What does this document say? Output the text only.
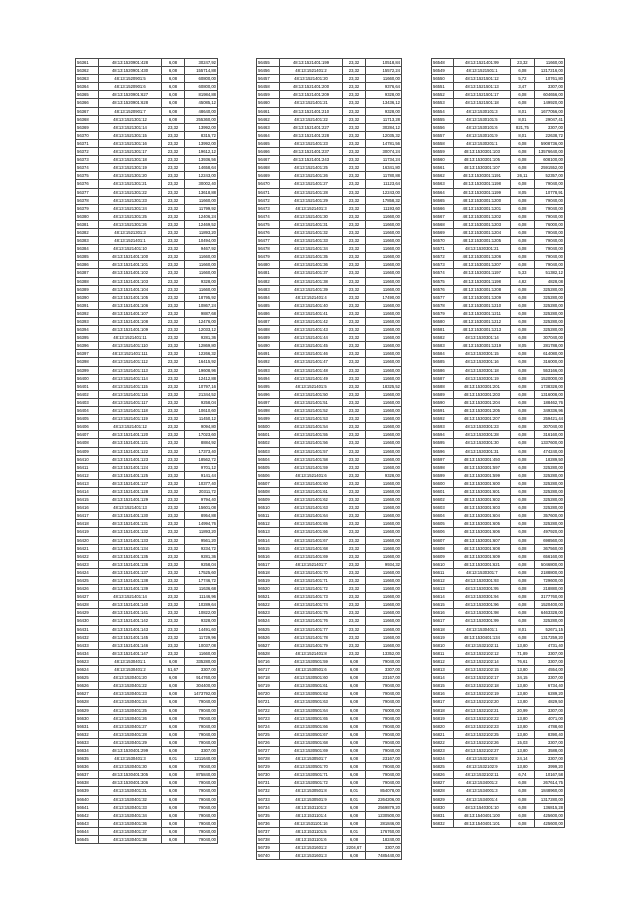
56361	48:13:1520901:428	6,08	30247,92
56362	48:13:1520901:430	6,08	155714,88
56363	48:13:1520901:5	6,08	60800,00
56364	48:13:1520901:6	6,08	60800,00
56365	48:13:1520901:627	6,08	81984,88
56366	48:13:1520901:628	6,08	45085,12
56367	48:13:1520901:7	6,08	48640,00
56368	48:13:1521301:12	6,08	255360,00
56369	48:13:1521301:14	23,32	13992,00
56370	48:13:1521301:15	23,32	8315,72
56371	48:13:1521301:16	23,32	13992,00
56372	48:13:1521301:17	23,32	19612,12
56373	48:13:1521301:18	23,32	13936,56
56374	48:13:1521301:19	23,32	14658,64
56375	48:13:1521301:20	23,32	12243,00
56376	48:13:1521301:21	23,32	30002,40
56377	48:13:1521301:22	23,32	13618,88
56378	48:13:1521301:23	23,32	11660,00
56379	48:13:1521301:24	23,32	11799,92
56380	48:13:1521301:25	23,32	12406,24
56381	48:13:1521301:26	23,32	12469,52
56382	48:13:1521301:3	23,32	11893,20
56383	48:13:1521401:1	23,32	10494,00
56384	48:13:1521401:10	23,32	9467,92
56385	48:13:1521401:100	23,32	11660,00
56386	48:13:1521401:101	23,32	11660,00
56387	48:13:1521401:102	23,32	11660,00
56388	48:13:1521401:103	23,32	9328,00
56389	48:13:1521401:104	23,32	11660,00
56390	48:13:1521401:105	23,32	18795,92
56391	48:13:1521401:106	23,32	10867,24
56392	48:13:1521401:107	23,32	9887,68
56393	48:13:1521401:108	23,32	12476,00
56394	48:13:1521401:109	23,32	12033,12
56395	48:13:1521401:11	23,32	9281,36
56396	48:13:1521401:110	23,32	12869,80
56397	48:13:1521401:111	23,32	12266,32
56398	48:13:1521401:112	23,32	16415,92
56399	48:13:1521401:113	23,32	19608,96
56400	48:13:1521401:114	23,32	12412,88
56401	48:13:1521401:115	23,32	10797,16
56402	48:13:1521401:116	23,32	21344,52
56403	48:13:1521401:117	23,32	9258,04
56404	48:13:1521401:118	23,32	10610,60
56405	48:13:1521401:119	23,32	11450,12
56406	48:13:1521401:12	23,32	9094,80
56407	48:13:1521401:120	23,32	17023,60
56408	48:13:1521401:121	23,32	8884,92
56409	48:13:1521401:122	23,32	17373,40
56410	48:13:1521401:123	23,32	18562,72
56411	48:13:1521401:124	23,32	9701,12
56412	48:13:1521401:125	23,32	9141,44
56413	48:13:1521401:127	23,32	10377,40
56414	48:13:1521401:128	23,32	20311,72
56415	48:13:1521401:129	23,32	9794,40
56416	48:13:1521401:13	23,32	15601,08
56417	48:13:1521401:130	23,32	8954,88
56418	48:13:1521401:131	23,32	14994,76
56419	48:13:1521401:132	23,32	11893,20
56420	48:13:1521401:133	23,32	9561,20
56421	48:13:1521401:134	23,32	9234,72
56422	48:13:1521401:135	23,32	9281,36
56423	48:13:1521401:136	23,32	9258,04
56424	48:13:1521401:137	23,32	17525,60
56425	48:13:1521401:138	23,32	17746,72
56426	48:13:1521401:139	23,32	11636,68
56427	48:13:1521401:14	23,32	11146,96
56428	48:13:1521401:140	23,32	10289,64
56429	48:13:1521401:141	23,32	10822,00
56430	48:13:1521401:142	23,32	9328,00
56431	48:13:1521401:143	23,32	14491,60
56432	48:13:1521401:145	23,32	11729,96
56433	48:13:1521401:146	23,32	10037,08
56434	48:13:1521401:147	23,32	11660,00
56623	48:13:1530401:1	6,08	335280,00
56624	48:13:1530401:2	51,67	3307,00
56625	48:13:1530401:20	6,08	914760,00
56626	48:13:1530401:22	6,08	304400,00
56627	48:13:1530401:23	6,08	1473792,00
56628	48:13:1530401:24	6,08	79040,00
56629	48:13:1530401:25	6,08	79040,00
56630	48:13:1530401:26	6,08	79040,00
56631	48:13:1530401:27	6,08	79040,00
56632	48:13:1530401:28	6,08	79040,00
56633	48:13:1530401:29	6,08	79040,00
56634	48:13:1530401:299	6,08	3307,00
56635	48:13:1530401:3	8,01	1211640,00
56636	48:13:1530401:30	6,08	79040,00
56637	48:13:1530401:305	6,08	875840,00
56638	48:13:1530401:306	6,08	79040,00
56639	48:13:1530401:31	6,08	79040,00
56640	48:13:1530401:32	6,08	79040,00
56641	48:13:1530401:33	6,08	79040,00
56642	48:13:1530401:34	6,08	79040,00
56643	48:13:1530401:36	6,08	79040,00
56644	48:13:1530401:37	6,08	79040,00
56645	48:13:1530401:38	6,08	79040,00
56455	48:13:1521401:199	23,32	10518,84
56456	48:13:1521401:2	23,32	15572,24
56457	48:13:1521401:20	23,32	11660,00
56458	48:13:1521401:200	23,32	9376,64
56459	48:13:1521401:209	23,32	9328,00
56460	48:13:1521401:21	23,32	13436,12
56461	48:13:1521401:210	23,32	9328,00
56462	48:13:1521401:22	23,32	11713,28
56463	48:13:1521401:227	23,32	30284,12
56464	48:13:1521401:228	23,32	12035,32
56465	48:13:1521401:23	23,32	14781,56
56466	48:13:1521401:237	23,32	30074,24
56467	48:13:1521401:243	23,32	11734,24
56468	48:13:1521401:25	23,32	16341,80
56469	48:13:1521401:26	23,32	11780,88
56470	48:13:1521401:27	23,32	11123,64
56471	48:13:1521401:28	23,32	12243,00
56472	48:13:1521401:29	23,32	17858,32
56473	48:13:1521401:3	23,32	11193,60
56474	48:13:1521401:30	23,32	11660,00
56475	48:13:1521401:31	23,32	11660,00
56476	48:13:1521401:32	23,32	11660,00
56477	48:13:1521401:33	23,32	11660,00
56478	48:13:1521401:34	23,32	11660,00
56479	48:13:1521401:35	23,32	11660,00
56480	48:13:1521401:36	23,32	11660,00
56481	48:13:1521401:37	23,32	11660,00
56482	48:13:1521401:38	23,32	11660,00
56483	48:13:1521401:39	23,32	11660,00
56484	48:13:1521401:4	23,32	17490,00
56485	48:13:1521401:40	23,32	11660,00
56486	48:13:1521401:41	23,32	11660,00
56487	48:13:1521401:42	23,32	11660,00
56488	48:13:1521401:43	23,32	11660,00
56489	48:13:1521401:44	23,32	11660,00
56490	48:13:1521401:45	23,32	11660,00
56491	48:13:1521401:46	23,32	11660,00
56492	48:13:1521401:47	23,32	11660,00
56493	48:13:1521401:48	23,32	11660,00
56494	48:13:1521401:49	23,32	11660,00
56495	48:13:1521401:5	23,32	18325,52
56496	48:13:1521401:50	23,32	11660,00
56497	48:13:1521401:51	23,32	11660,00
56498	48:13:1521401:52	23,32	11660,00
56499	48:13:1521401:53	23,32	11660,00
56500	48:13:1521401:54	23,32	11660,00
56501	48:13:1521401:55	23,32	11660,00
56502	48:13:1521401:56	23,32	11660,00
56503	48:13:1521401:57	23,32	11660,00
56504	48:13:1521401:58	23,32	11660,00
56505	48:13:1521401:59	23,32	11660,00
56506	48:13:1521401:6	23,32	9328,00
56507	48:13:1521401:60	23,32	11660,00
56508	48:13:1521401:61	23,32	11660,00
56509	48:13:1521401:62	23,32	11660,00
56510	48:13:1521401:63	23,32	11660,00
56511	48:13:1521401:64	23,32	11660,00
56512	48:13:1521401:65	23,32	11660,00
56513	48:13:1521401:66	23,32	11660,00
56514	48:13:1521401:67	23,32	11660,00
56515	48:13:1521401:68	23,32	11660,00
56516	48:13:1521401:69	23,32	11660,00
56517	48:13:1521401:7	23,32	9934,32
56518	48:13:1521401:70	23,32	11660,00
56519	48:13:1521401:71	23,32	11660,00
56520	48:13:1521401:72	23,32	11660,00
56521	48:13:1521401:73	23,32	11660,00
56522	48:13:1521401:74	23,32	11660,00
56523	48:13:1521401:75	23,32	11660,00
56524	48:13:1521401:76	23,32	11660,00
56525	48:13:1521401:77	23,32	11660,00
56526	48:13:1521401:78	23,32	11660,00
56527	48:13:1521401:79	23,32	11660,00
56528	48:13:1521401:8	23,32	13352,00
56716	48:13:1530501:59	6,08	79040,00
56717	48:13:1530501:6	6,08	3307,00
56718	48:13:1530501:60	6,08	23167,00
56719	48:13:1530501:61	6,08	79040,00
56720	48:13:1530501:62	6,08	79040,00
56721	48:13:1530501:63	6,08	79040,00
56722	48:13:1530501:64	6,08	76000,00
56723	48:13:1530501:65	6,08	79040,00
56724	48:13:1530501:66	6,08	79040,00
56725	48:13:1530501:67	6,08	79040,00
56726	48:13:1530501:68	6,08	79040,00
56727	48:13:1530501:69	6,08	79040,00
56728	48:13:1530501:7	6,08	23167,00
56729	48:13:1530501:70	6,08	79040,00
56730	48:13:1530501:71	6,08	79040,00
56731	48:13:1530501:72	6,08	79040,00
56732	48:13:1530501:8	8,01	854078,00
56733	48:13:1530501:9	8,01	2264206,00
56734	48:13:1531101:2	6,08	2569879,20
56735	48:13:1531101:4	6,08	1230500,00
56736	48:13:1531101:16	6,08	281846,00
56737	48:13:1531101:5	8,01	176760,00
56738	48:13:1531101:6	6,08	18240,00
56739	48:13:1531601:2	2204,67	3307,00
56740	48:13:1531601:3	6,08	7485440,00
56548	48:13:1521401:99	23,32	11660,00
56549	48:13:1521501:1	6,08	1217216,00
56550	48:13:1521501:12	5,72	10761,80
56551	48:13:1521501:13	3,47	3307,00
56552	48:13:1521501:17	6,08	604656,00
56553	48:13:1521501:18	6,08	149920,00
56554	48:13:1530101:3	8,01	1677056,00
56555	48:13:1530101:5	8,01	29047,41
56556	48:13:1530101:6	821,75	3307,00
56557	48:13:1530101:9	8,01	22638,72
56558	48:13:1530201:1	6,08	5908736,00
56559	48:13:1530301:103	6,08	13576640,00
56560	48:13:1530301:105	6,08	608100,00
56561	48:13:1530301:107	6,08	2591552,00
56562	48:13:1530301:1191	26,11	52357,00
56563	48:13:1530301:1198	6,08	79040,00
56564	48:13:1530301:1199	8,05	10778,91
56565	48:13:1530301:1200	6,08	79040,00
56566	48:13:1530301:1201	6,08	79040,00
56567	48:13:1530301:1202	6,08	79040,00
56568	48:13:1530301:1203	6,08	76000,00
56569	48:13:1530301:1204	6,08	79040,00
56570	48:13:1530301:1205	6,08	79040,00
56571	48:13:1530301:21	6,08	79040,00
56572	48:13:1530301:1206	6,08	79040,00
56573	48:13:1530301:1207	6,08	79040,00
56574	48:13:1530301:1197	5,33	51382,12
56575	48:13:1530301:1198	4,82	4828,08
56576	48:13:1530301:1208	6,08	325280,00
56577	48:13:1530301:1209	6,08	325280,00
56578	48:13:1530301:1210	6,08	325280,00
56579	48:13:1530301:1211	6,08	325280,00
56580	48:13:1530301:1212	6,08	325280,00
56581	48:13:1530301:1213	6,08	325280,00
56582	48:13:1530301:14	6,08	307040,00
56583	48:13:1530301:1219	8,05	281788,00
56584	48:13:1530301:15	6,08	614080,00
56585	48:13:1530301:16	6,08	316000,00
56586	48:13:1530301:18	6,08	553166,00
56587	48:13:1530301:19	6,08	1520000,00
56588	48:13:1530301:201	6,08	1738328,00
56589	48:13:1530301:203	6,08	1316008,00
56590	48:13:1530301:204	6,08	188462,76
56591	48:13:1530301:205	6,08	349336,96
56592	48:13:1530301:207	6,08	259421,44
56593	48:13:1530301:23	6,08	307040,00
56594	48:13:1530301:28	6,08	316160,00
56595	48:13:1530301:30	6,08	1337600,00
56596	48:13:1530301:31	6,08	474240,00
56597	48:13:1530301:450	6,08	18289,50
56598	48:13:1530301:597	6,08	325280,00
56599	48:13:1530301:599	6,08	325280,00
56600	48:13:1530301:600	6,08	325280,00
56601	48:13:1530301:601	6,08	325280,00
56602	48:13:1530301:602	6,08	325280,00
56603	48:13:1530301:603	6,08	325280,00
56604	48:13:1530301:604	6,08	357600,00
56605	48:13:1530301:605	6,08	325280,00
56606	48:13:1530301:606	6,08	497920,00
56607	48:13:1530301:607	6,08	698560,00
56608	48:13:1530301:608	6,08	367560,00
56609	48:13:1530301:609	6,08	656160,00
56610	48:13:1530301:621	6,08	5046800,00
56611	48:13:1530301:7	6,08	2188800,00
56612	48:13:1530301:93	6,08	729600,00
56613	48:13:1530301:95	6,08	218880,00
56614	48:13:1530301:94	6,08	3177760,00
56615	48:13:1530301:96	6,08	1520400,00
56616	48:13:1530301:98	6,08	6463328,00
56617	48:13:1530301:99	6,08	325280,00
56618	48:13:1530401:1	8,01	52671,15
56619	48:13:1530401:134	6,08	1317259,20
56810	48:13:1532102:11	13,80	4731,40
56811	48:13:1532102:12	71,89	3307,00
56812	48:13:1532102:14	76,61	3307,00
56813	48:13:1532102:15	13,80	4554,00
56814	48:13:1532102:17	34,15	3307,00
56815	48:13:1532102:18	13,80	6734,40
56816	48:13:1532102:19	13,80	6289,20
56817	48:13:1532102:20	13,80	4829,50
56818	48:13:1532102:21	20,99	3307,00
56819	48:13:1532102:22	13,80	4071,00
56820	48:13:1532102:23	13,80	4788,60
56821	48:13:1532102:25	13,80	8390,40
56822	48:13:1532102:26	15,03	3307,00
56823	48:13:1532102:27	13,80	3588,00
56824	48:13:1532102:8	24,14	3307,00
56825	48:13:1532102:9	13,80	3999,20
56826	48:13:1532102:11	6,74	10167,58
56827	48:13:1534001:2	6,08	267614,75
56828	48:13:1534001:3	6,08	1848960,00
56829	48:13:1534001:4	6,08	1317280,00
56830	48:13:1540301:10	6,08	136815,28
56831	48:13:1540401:100	6,08	425600,00
56832	48:13:1540401:101	6,08	425600,00
